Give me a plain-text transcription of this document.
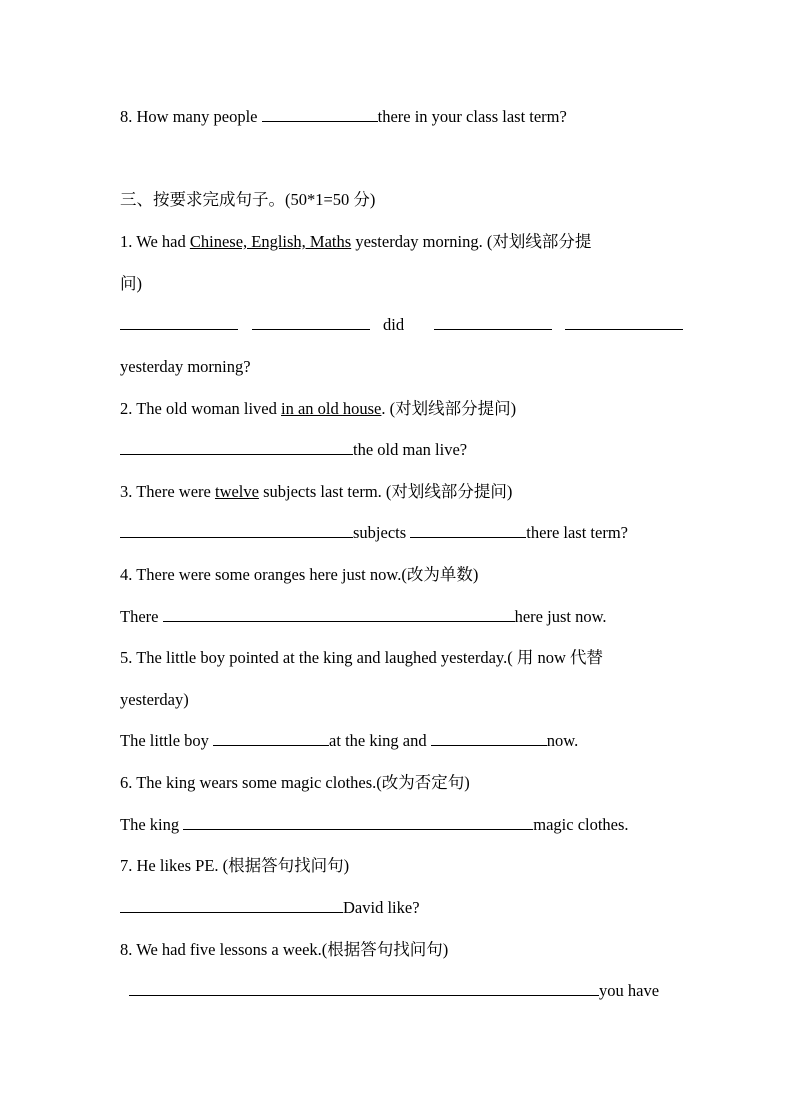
8. How many people	there in your class last term?
三、按要求完成句子。(50*1=50 分)
1. We had Chinese, English, Maths yesterday morning. (对划线部分提
问)
did
yesterday morning?
2. The old woman lived in an old house. (对划线部分提问)
the old man live?
3. There were twelve subjects last term. (对划线部分提问)
subjects	there last term?
4. There were some oranges here just now.(改为单数)
There	here just now.
5. The little boy pointed at the king and laughed yesterday.( 用 now 代替
yesterday)
The little boy	at the king and	now.
6. The king wears some magic clothes.(改为否定句)
The king	magic clothes.
7. He likes PE. (根据答句找问句)
David like?
8. We had five lessons a week.(根据答句找问句)
you have
